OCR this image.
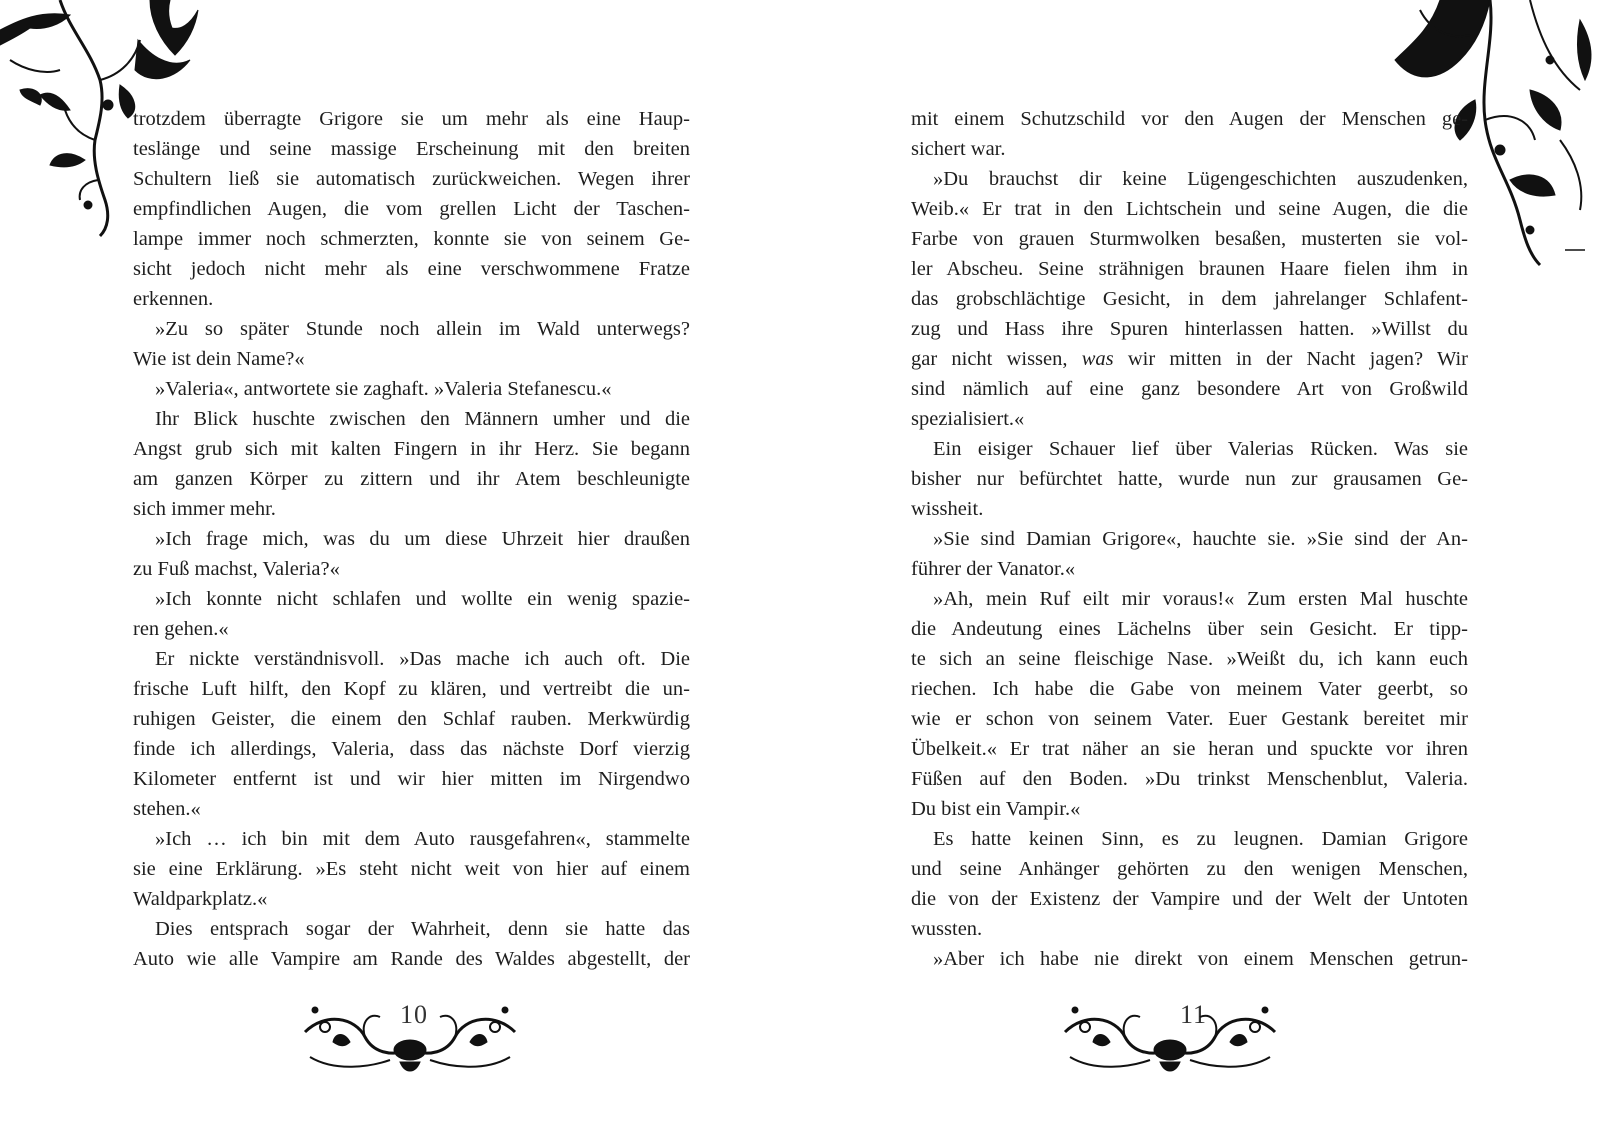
trotzdem überragte Grigore sie um mehr als eine Haup-
teslänge und seine massige Erscheinung mit den breiten
Schultern ließ sie automatisch zurückweichen. Wegen ihrer
empfindlichen Augen, die vom grellen Licht der Taschen-
lampe immer noch schmerzten, konnte sie von seinem Ge-
sicht jedoch nicht mehr als eine verschwommene Fratze
erkennen.
»Zu so später Stunde noch allein im Wald unterwegs?
Wie ist dein Name?«
»Valeria«, antwortete sie zaghaft. »Valeria Stefanescu.«
Ihr Blick huschte zwischen den Männern umher und die
Angst grub sich mit kalten Fingern in ihr Herz. Sie begann
am ganzen Körper zu zittern und ihr Atem beschleunigte
sich immer mehr.
»Ich frage mich, was du um diese Uhrzeit hier draußen
zu Fuß machst, Valeria?«
»Ich konnte nicht schlafen und wollte ein wenig spazie-
ren gehen.«
Er nickte verständnisvoll. »Das mache ich auch oft. Die
frische Luft hilft, den Kopf zu klären, und vertreibt die un-
ruhigen Geister, die einem den Schlaf rauben. Merkwürdig
finde ich allerdings, Valeria, dass das nächste Dorf vierzig
Kilometer entfernt ist und wir hier mitten im Nirgendwo
stehen.«
»Ich … ich bin mit dem Auto rausgefahren«, stammelte
sie eine Erklärung. »Es steht nicht weit von hier auf einem
Waldparkplatz.«
Dies entsprach sogar der Wahrheit, denn sie hatte das
Auto wie alle Vampire am Rande des Waldes abgestellt, der
10
mit einem Schutzschild vor den Augen der Menschen ge-
sichert war.
»Du brauchst dir keine Lügengeschichten auszudenken,
Weib.« Er trat in den Lichtschein und seine Augen, die die
Farbe von grauen Sturmwolken besaßen, musterten sie vol-
ler Abscheu. Seine strähnigen braunen Haare fielen ihm in
das grobschlächtige Gesicht, in dem jahrelanger Schlafent-
zug und Hass ihre Spuren hinterlassen hatten. »Willst du
gar nicht wissen, was wir mitten in der Nacht jagen? Wir
sind nämlich auf eine ganz besondere Art von Großwild
spezialisiert.«
Ein eisiger Schauer lief über Valerias Rücken. Was sie
bisher nur befürchtet hatte, wurde nun zur grausamen Ge-
wissheit.
»Sie sind Damian Grigore«, hauchte sie. »Sie sind der An-
führer der Vanator.«
»Ah, mein Ruf eilt mir voraus!« Zum ersten Mal huschte
die Andeutung eines Lächelns über sein Gesicht. Er tipp-
te sich an seine fleischige Nase. »Weißt du, ich kann euch
riechen. Ich habe die Gabe von meinem Vater geerbt, so
wie er schon von seinem Vater. Euer Gestank bereitet mir
Übelkeit.« Er trat näher an sie heran und spuckte vor ihren
Füßen auf den Boden. »Du trinkst Menschenblut, Valeria.
Du bist ein Vampir.«
Es hatte keinen Sinn, es zu leugnen. Damian Grigore
und seine Anhänger gehörten zu den wenigen Menschen,
die von der Existenz der Vampire und der Welt der Untoten
wussten.
»Aber ich habe nie direkt von einem Menschen getrun-
11
